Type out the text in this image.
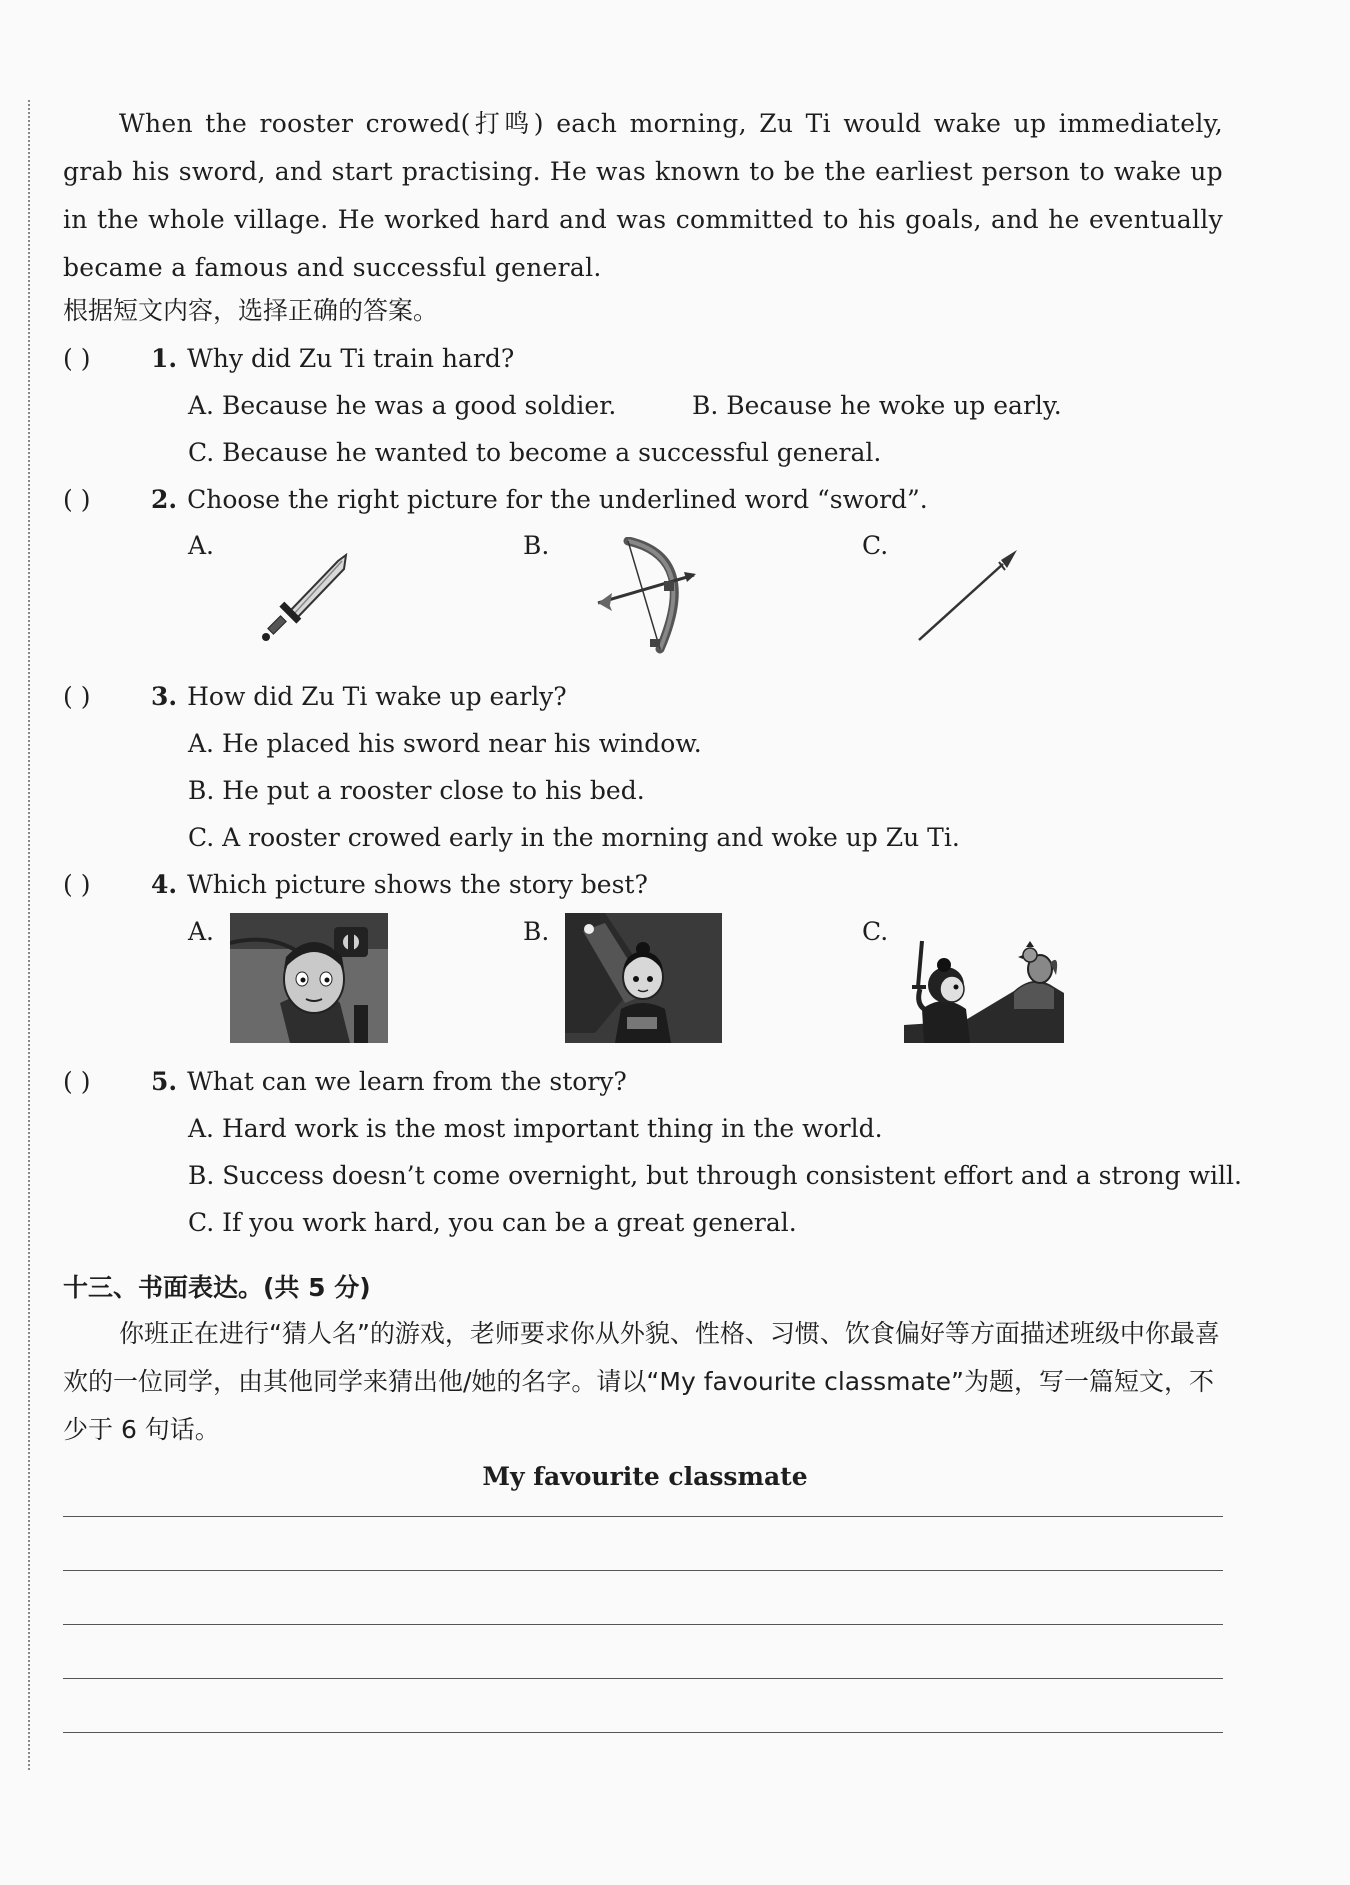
When the rooster crowed(打鸣) each morning, Zu Ti would wake up immediately, grab his sword, and start practising. He was known to be the earliest person to wake up in the whole village. He worked hard and was committed to his goals, and he eventually became a famous and successful general.
根据短文内容，选择正确的答案。
( ) 1. Why did Zu Ti train hard?
A. Because he was a good soldier.	B. Because he woke up early.
C. Because he wanted to become a successful general.
( ) 2. Choose the right picture for the underlined word “sword”.
A.	B.	C.
( ) 3. How did Zu Ti wake up early?
A. He placed his sword near his window.
B. He put a rooster close to his bed.
C. A rooster crowed early in the morning and woke up Zu Ti.
( ) 4. Which picture shows the story best?
A.	B.	C.
( ) 5. What can we learn from the story?
A. Hard work is the most important thing in the world.
B. Success doesn’t come overnight, but through consistent effort and a strong will.
C. If you work hard, you can be a great general.
十三、书面表达。(共 5 分)
你班正在进行“猜人名”的游戏，老师要求你从外貌、性格、习惯、饮食偏好等方面描述班级中你最喜欢的一位同学，由其他同学来猜出他/她的名字。请以“My favourite classmate”为题，写一篇短文，不少于 6 句话。
My favourite classmate
